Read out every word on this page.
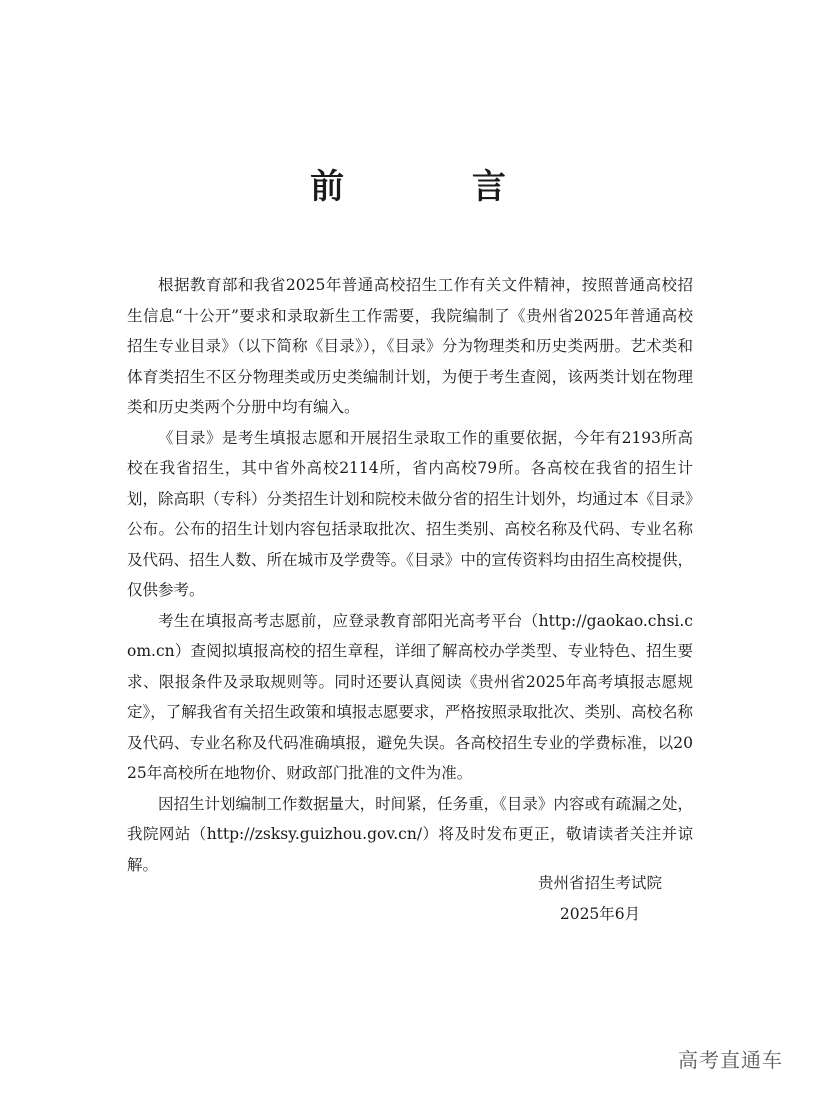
前 言

根据教育部和我省2025年普通高校招生工作有关文件精神，按照普通高校招生信息“十公开”要求和录取新生工作需要，我院编制了《贵州省2025年普通高校招生专业目录》（以下简称《目录》），《目录》分为物理类和历史类两册。艺术类和体育类招生不区分物理类或历史类编制计划，为便于考生查阅，该两类计划在物理类和历史类两个分册中均有编入。

《目录》是考生填报志愿和开展招生录取工作的重要依据，今年有2193所高校在我省招生，其中省外高校2114所，省内高校79所。各高校在我省的招生计划，除高职（专科）分类招生计划和院校未做分省的招生计划外，均通过本《目录》公布。公布的招生计划内容包括录取批次、招生类别、高校名称及代码、专业名称及代码、招生人数、所在城市及学费等。《目录》中的宣传资料均由招生高校提供，仅供参考。

考生在填报高考志愿前，应登录教育部阳光高考平台（http://gaokao.chsi.com.cn）查阅拟填报高校的招生章程，详细了解高校办学类型、专业特色、招生要求、限报条件及录取规则等。同时还要认真阅读《贵州省2025年高考填报志愿规定》，了解我省有关招生政策和填报志愿要求，严格按照录取批次、类别、高校名称及代码、专业名称及代码准确填报，避免失误。各高校招生专业的学费标准，以2025年高校所在地物价、财政部门批准的文件为准。

因招生计划编制工作数据量大，时间紧，任务重，《目录》内容或有疏漏之处，我院网站（http://zsksy.guizhou.gov.cn/）将及时发布更正，敬请读者关注并谅解。

贵州省招生考试院
2025年6月
高考直通车
